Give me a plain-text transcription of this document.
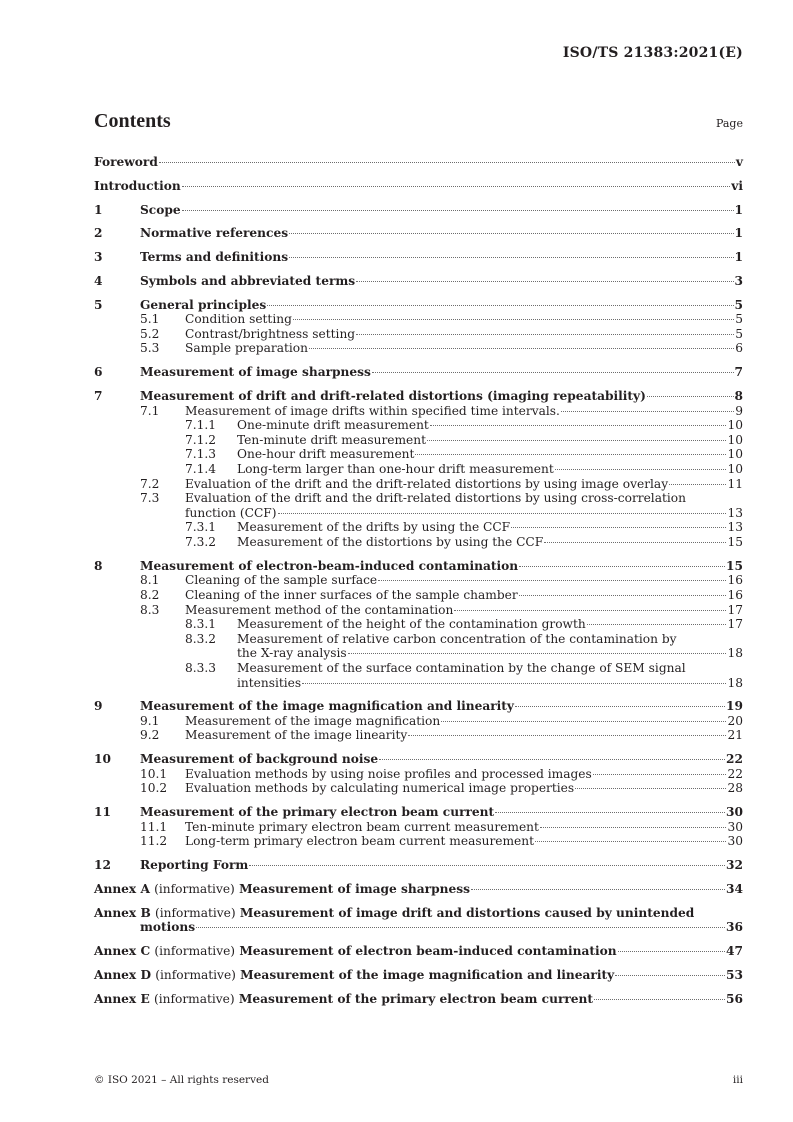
ISO/TS 21383:2021(E)
Contents	Page
Foreword	v
Introduction	vi
1	Scope	1
2	Normative references	1
3	Terms and definitions	1
4	Symbols and abbreviated terms	3
5	General principles	5
5.1	Condition setting	5
5.2	Contrast/brightness setting	5
5.3	Sample preparation	6
6	Measurement of image sharpness	7
7	Measurement of drift and drift-related distortions (imaging repeatability)	8
7.1	Measurement of image drifts within specified time intervals.	9
7.1.1	One-minute drift measurement	10
7.1.2	Ten-minute drift measurement	10
7.1.3	One-hour drift measurement	10
7.1.4	Long-term larger than one-hour drift measurement	10
7.2	Evaluation of the drift and the drift-related distortions by using image overlay	11
7.3	Evaluation of the drift and the drift-related distortions by using cross-correlation
function (CCF)	13
7.3.1	Measurement of the drifts by using the CCF	13
7.3.2	Measurement of the distortions by using the CCF	15
8	Measurement of electron-beam-induced contamination	15
8.1	Cleaning of the sample surface	16
8.2	Cleaning of the inner surfaces of the sample chamber	16
8.3	Measurement method of the contamination	17
8.3.1	Measurement of the height of the contamination growth	17
8.3.2	Measurement of relative carbon concentration of the contamination by
the X-ray analysis	18
8.3.3	Measurement of the surface contamination by the change of SEM signal
intensities	18
9	Measurement of the image magnification and linearity	19
9.1	Measurement of the image magnification	20
9.2	Measurement of the image linearity	21
10	Measurement of background noise	22
10.1	Evaluation methods by using noise profiles and processed images	22
10.2	Evaluation methods by calculating numerical image properties	28
11	Measurement of the primary electron beam current	30
11.1	Ten-minute primary electron beam current measurement	30
11.2	Long-term primary electron beam current measurement	30
12	Reporting Form	32
Annex A (informative) Measurement of image sharpness	34
Annex B (informative) Measurement of image drift and distortions caused by unintended
motions	36
Annex C (informative) Measurement of electron beam-induced contamination	47
Annex D (informative) Measurement of the image magnification and linearity	53
Annex E (informative) Measurement of the primary electron beam current	56
© ISO 2021 – All rights reserved	iii
